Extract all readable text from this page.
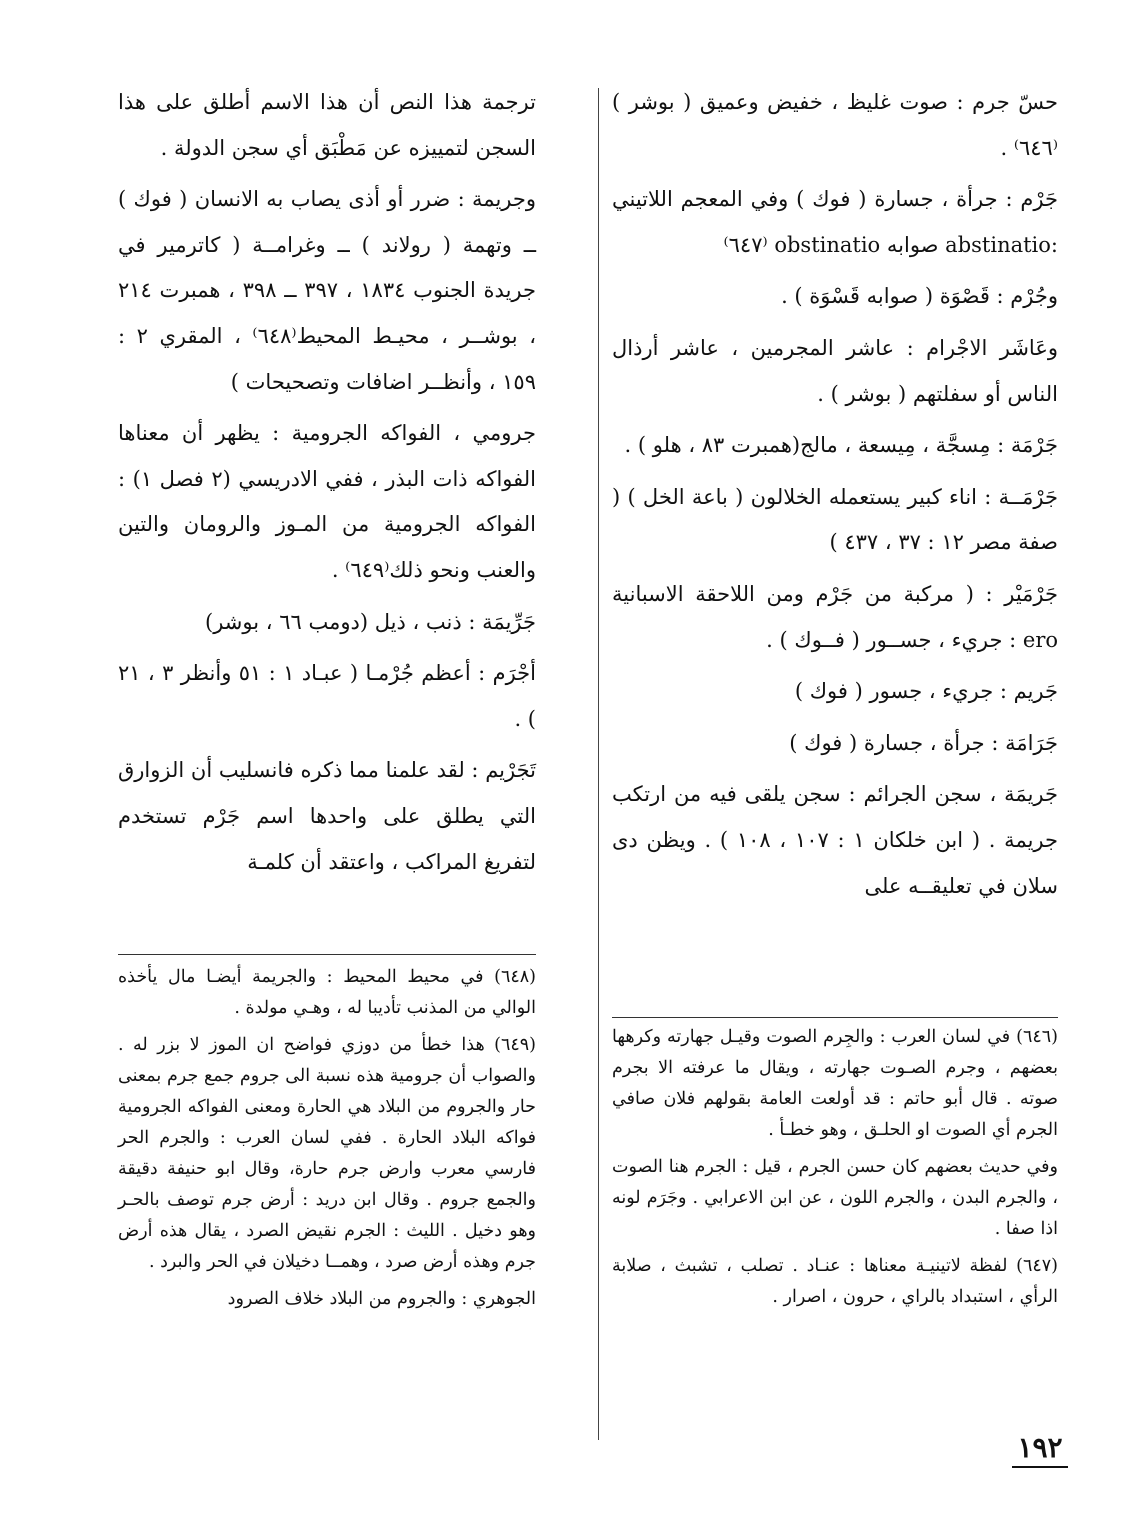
حسّ جرم : صوت غليظ ، خفيض وعميق ( بوشر )⁽٦٤٦⁾ .

جَرْم : جرأة ، جسارة ( فوك ) وفي المعجم اللاتيني :abstinatio صوابه obstinatio ⁽٦٤٧⁾

وجُرْم : قَصْوَة ( صوابه قَسْوَة ) .

وعَاشَر الاجْرام : عاشر المجرمين ، عاشر أرذال الناس أو سفلتهم ( بوشر ) .

جَرْمَة : مِسجَّة ، مِيسعة ، مالج(همبرت ٨٣ ، هلو ) .

جَرْمَــة : اناء كبير يستعمله الخلالون ( باعة الخل ) ( صفة مصر ١٢ : ٣٧ ، ٤٣٧ )

جَرْمَيْر : ( مركبة من جَرْم ومن اللاحقة الاسبانية ero : جريء ، جســور ( فــوك ) .

جَريم : جريء ، جسور ( فوك )

جَرَامَة : جرأة ، جسارة ( فوك )

جَريمَة ، سجن الجرائم : سجن يلقى فيه من ارتكب جريمة . ( ابن خلكان ١ : ١٠٧ ، ١٠٨ ) . ويظن دى سلان في تعليقــه على

ترجمة هذا النص أن هذا الاسم أطلق على هذا السجن لتمييزه عن مَطْبَق أي سجن الدولة .

وجريمة : ضرر أو أذى يصاب به الانسان ( فوك ) ــ وتهمة ( رولاند ) ــ وغرامــة ( كاترمير في جريدة الجنوب ١٨٣٤ ، ٣٩٧ ــ ٣٩٨ ، همبرت ٢١٤ ، بوشــر ، محيـط المحيط⁽٦٤٨⁾ ، المقري ٢ : ١٥٩ ، وأنظــر اضافات وتصحيحات )

جرومي ، الفواكه الجرومية : يظهر أن معناها الفواكه ذات البذر ، ففي الادريسي (٢ فصل ١) : الفواكه الجرومية من المـوز والرومان والتين والعنب ونحو ذلك⁽٦٤٩⁾ .

جَرِّيمَة : ذنب ، ذيل (دومب ٦٦ ، بوشر)

أجْرَم : أعظم جُرْمـا ( عبـاد ١ : ٥١ وأنظر ٣ ، ٢١ ) .

تَجَرْيم : لقد علمنا مما ذكره فانسليب أن الزوارق التي يطلق على واحدها اسم جَرْم تستخدم لتفريغ المراكب ، واعتقد أن كلمـة

(٦٤٨) في محيط المحيط : والجريمة أيضـا مال يأخذه الوالي من المذنب تأديبا له ، وهـي مولدة .

(٦٤٩) هذا خطأ من دوزي فواضح ان الموز لا بزر له . والصواب أن جرومية هذه نسبة الى جروم جمع جرم بمعنى حار والجروم من البلاد هي الحارة ومعنى الفواكه الجرومية فواكه البلاد الحارة . ففي لسان العرب : والجرم الحر فارسي معرب وارض جرم حارة، وقال ابو حنيفة دقيقة والجمع جروم . وقال ابن دريد : أرض جرم توصف بالحـر وهو دخيل . الليث : الجرم نقيض الصرد ، يقال هذه أرض جرم وهذه أرض صرد ، وهمــا دخيلان في الحر والبرد .

الجوهري : والجروم من البلاد خلاف الصرود

(٦٤٦) في لسان العرب : والجِرم الصوت وقيـل جهارته وكرهها بعضهم ، وجرم الصـوت جهارته ، ويقال ما عرفته الا بجرم صوته . قال أبو حاتم : قد أولعت العامة بقولهم فلان صافي الجرم أي الصوت او الحلـق ، وهو خطـأ .

وفي حديث بعضهم كان حسن الجرم ، قيل : الجرم هنا الصوت ، والجرم البدن ، والجرم اللون ، عن ابن الاعرابي . وجَرَم لونه اذا صفا .

(٦٤٧) لفظة لاتينيـة معناها : عنـاد . تصلب ، تشبث ، صلابة الرأي ، استبداد بالراي ، حرون ، اصرار .

١٩٢
